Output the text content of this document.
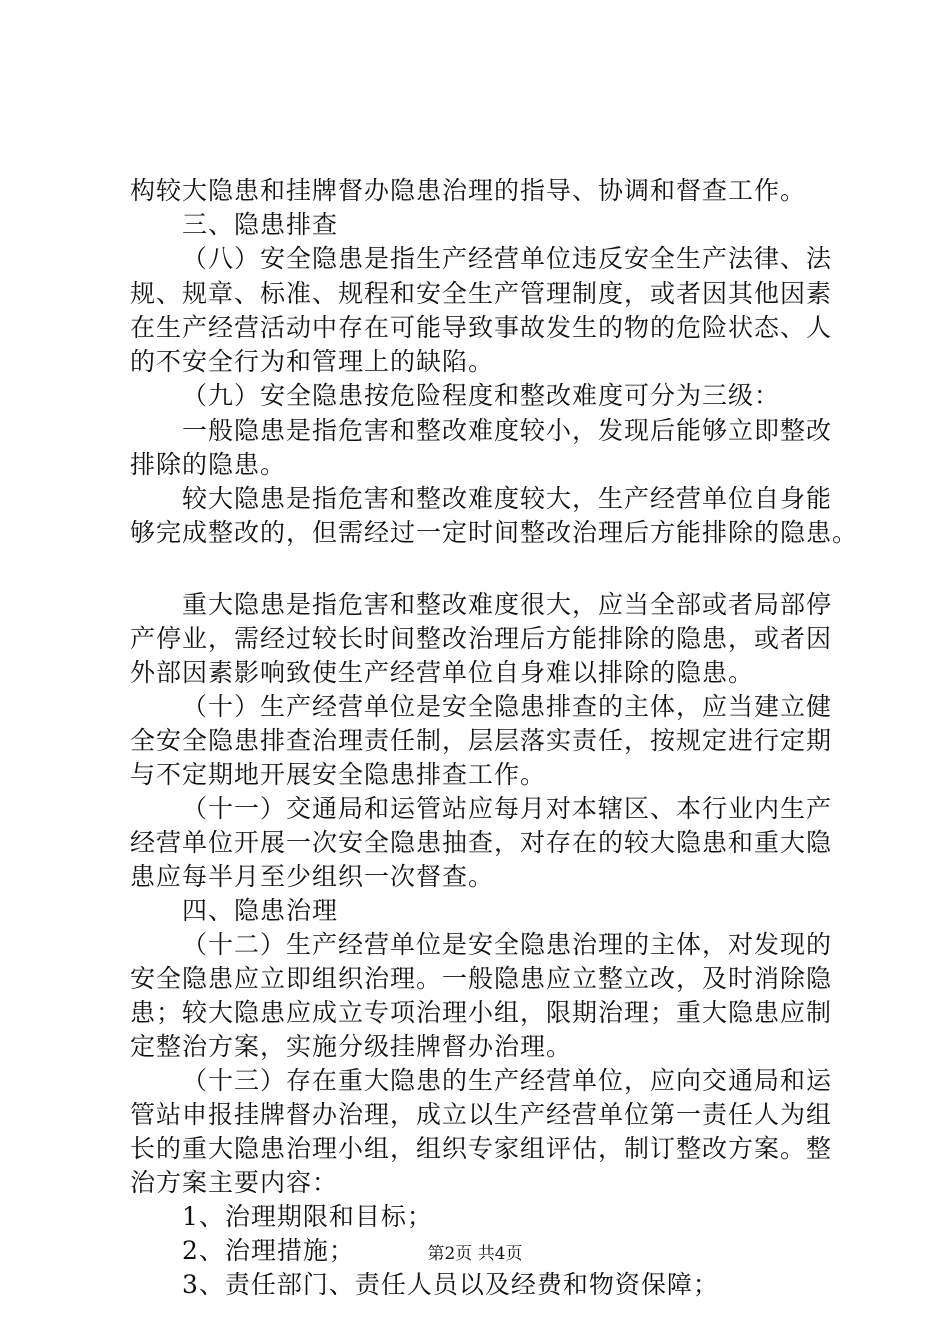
构较大隐患和挂牌督办隐患治理的指导、协调和督查工作。
三、隐患排查
（八）安全隐患是指生产经营单位违反安全生产法律、法
规、规章、标准、规程和安全生产管理制度，或者因其他因素
在生产经营活动中存在可能导致事故发生的物的危险状态、人
的不安全行为和管理上的缺陷。
（九）安全隐患按危险程度和整改难度可分为三级：
一般隐患是指危害和整改难度较小，发现后能够立即整改
排除的隐患。
较大隐患是指危害和整改难度较大，生产经营单位自身能
够完成整改的，但需经过一定时间整改治理后方能排除的隐患。
重大隐患是指危害和整改难度很大，应当全部或者局部停
产停业，需经过较长时间整改治理后方能排除的隐患，或者因
外部因素影响致使生产经营单位自身难以排除的隐患。
（十）生产经营单位是安全隐患排查的主体，应当建立健
全安全隐患排查治理责任制，层层落实责任，按规定进行定期
与不定期地开展安全隐患排查工作。
（十一）交通局和运管站应每月对本辖区、本行业内生产
经营单位开展一次安全隐患抽查，对存在的较大隐患和重大隐
患应每半月至少组织一次督查。
四、隐患治理
（十二）生产经营单位是安全隐患治理的主体，对发现的
安全隐患应立即组织治理。一般隐患应立整立改，及时消除隐
患；较大隐患应成立专项治理小组，限期治理；重大隐患应制
定整治方案，实施分级挂牌督办治理。
（十三）存在重大隐患的生产经营单位，应向交通局和运
管站申报挂牌督办治理，成立以生产经营单位第一责任人为组
长的重大隐患治理小组，组织专家组评估，制订整改方案。整
治方案主要内容：
1、治理期限和目标；
2、治理措施；
3、责任部门、责任人员以及经费和物资保障；
第2页 共4页
